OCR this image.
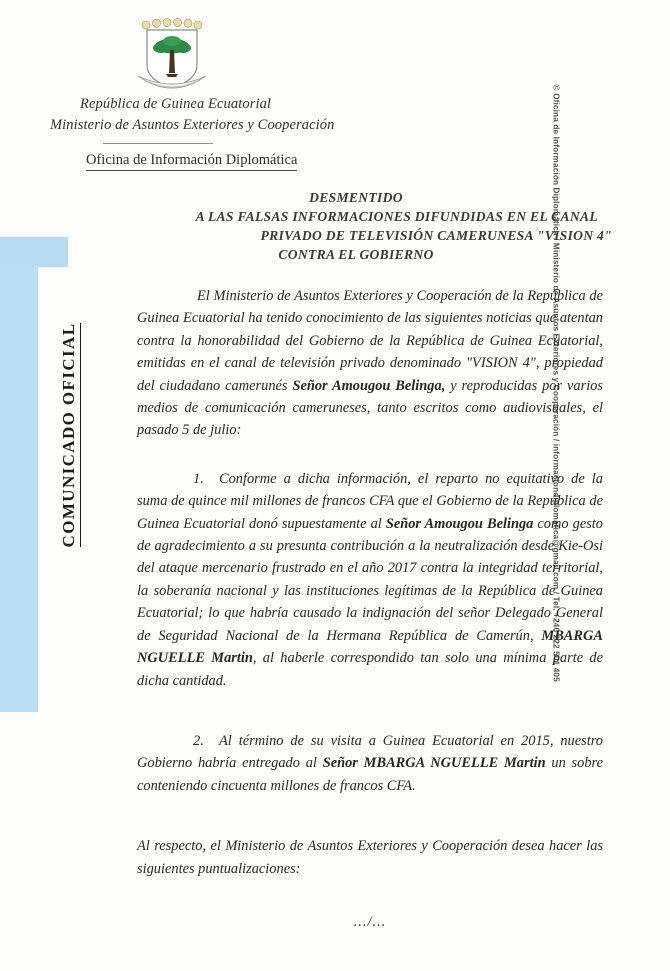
República de Guinea Ecuatorial
Ministerio de Asuntos Exteriores y Cooperación
Oficina de Información Diplomática
COMUNICADO OFICIAL	© Oficina de Información Diplomática / Ministerio de Asuntos Exteriores y Cooperación / informaciondiplomatica@gmail.com / Tel. +240 222 501 405
DESMENTIDO
A LAS FALSAS INFORMACIONES DIFUNDIDAS EN EL CANAL
PRIVADO DE TELEVISIÓN CAMERUNESA "VISION 4"
CONTRA EL GOBIERNO

El Ministerio de Asuntos Exteriores y Cooperación de la República de Guinea Ecuatorial ha tenido conocimiento de las siguientes noticias que atentan contra la honorabilidad del Gobierno de la República de Guinea Ecuatorial, emitidas en el canal de televisión privado denominado "VISION 4", propiedad del ciudadano camerunés Señor Amougou Belinga, y reproducidas por varios medios de comunicación cameruneses, tanto escritos como audiovisuales, el pasado 5 de julio:

1. Conforme a dicha información, el reparto no equitativo de la suma de quince mil millones de francos CFA que el Gobierno de la República de Guinea Ecuatorial donó supuestamente al Señor Amougou Belinga como gesto de agradecimiento a su presunta contribución a la neutralización desde Kie-Osi del ataque mercenario frustrado en el año 2017 contra la integridad territorial, la soberanía nacional y las instituciones legítimas de la República de Guinea Ecuatorial; lo que habría causado la indignación del señor Delegado General de Seguridad Nacional de la Hermana República de Camerún, MBARGA NGUELLE Martin, al haberle correspondido tan solo una mínima parte de dicha cantidad.

2. Al término de su visita a Guinea Ecuatorial en 2015, nuestro Gobierno habría entregado al Señor MBARGA NGUELLE Martin un sobre conteniendo cincuenta millones de francos CFA.

Al respecto, el Ministerio de Asuntos Exteriores y Cooperación desea hacer las siguientes puntualizaciones:

.../...
